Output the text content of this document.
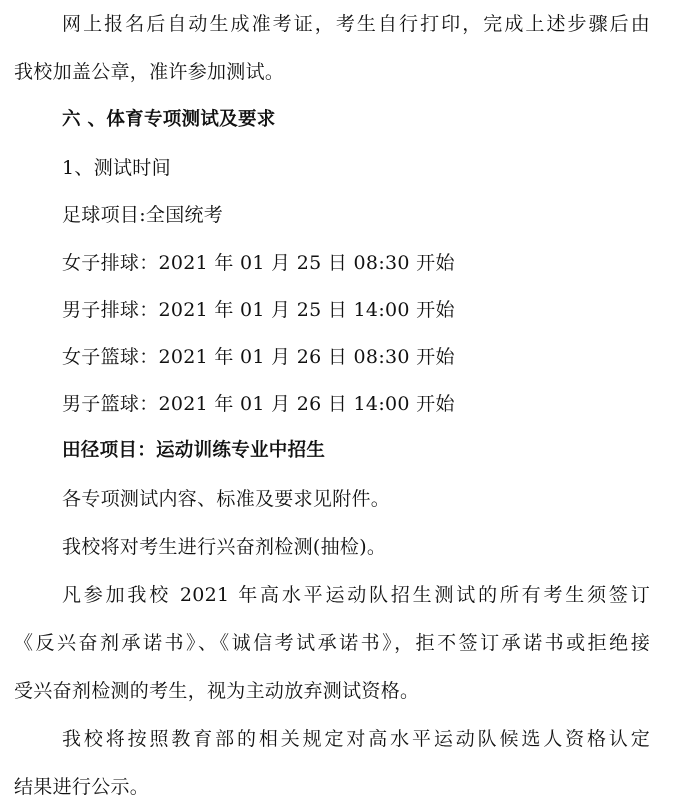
网上报名后自动生成准考证，考生自行打印，完成上述步骤后由
我校加盖公章，准许参加测试。
六 、体育专项测试及要求
1、测试时间
足球项目:全国统考
女子排球：2021 年 01 月 25 日 08:30 开始
男子排球：2021 年 01 月 25 日 14:00 开始
女子篮球：2021 年 01 月 26 日 08:30 开始
男子篮球：2021 年 01 月 26 日 14:00 开始
田径项目：运动训练专业中招生
各专项测试内容、标准及要求见附件。
我校将对考生进行兴奋剂检测(抽检)。
凡参加我校 2021 年高水平运动队招生测试的所有考生须签订
《反兴奋剂承诺书》、《诚信考试承诺书》，拒不签订承诺书或拒绝接
受兴奋剂检测的考生，视为主动放弃测试资格。
我校将按照教育部的相关规定对高水平运动队候选人资格认定
结果进行公示。
